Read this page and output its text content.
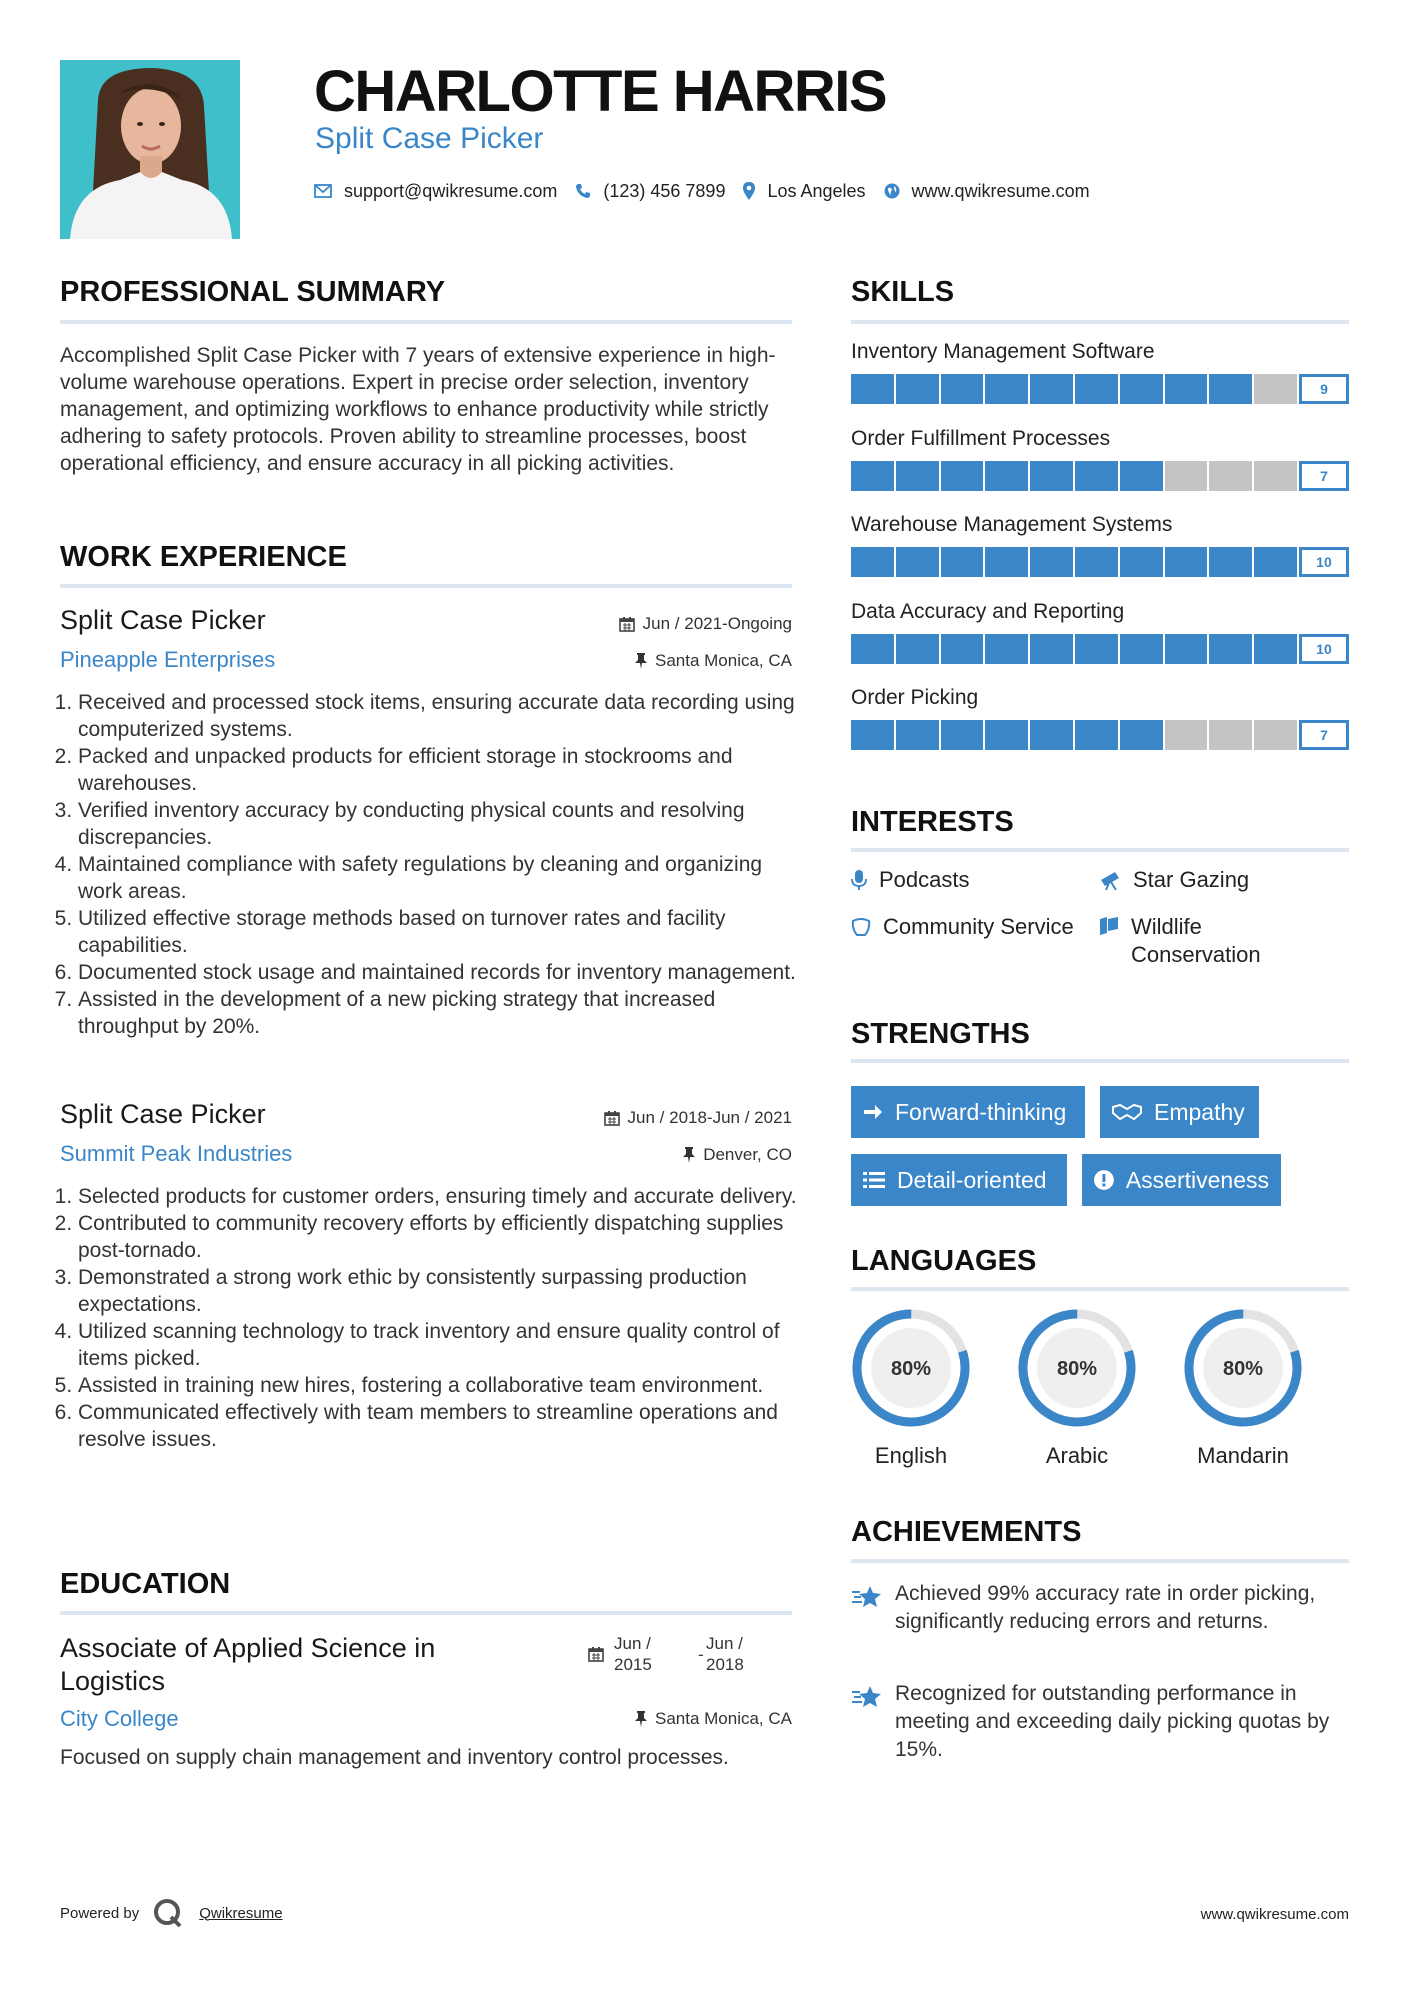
CHARLOTTE HARRIS
Split Case Picker
support@qwikresume.com	(123) 456 7899 Los Angeles	www.qwikresume.com
PROFESSIONAL SUMMARY
Accomplished Split Case Picker with 7 years of extensive experience in high-volume warehouse operations. Expert in precise order selection, inventory management, and optimizing workflows to enhance productivity while strictly adhering to safety protocols. Proven ability to streamline processes, boost operational efficiency, and ensure accuracy in all picking activities.
WORK EXPERIENCE
Split Case Picker	Jun / 2021-Ongoing
Pineapple Enterprises	Santa Monica, CA
1. Received and processed stock items, ensuring accurate data recording using computerized systems.
2. Packed and unpacked products for efficient storage in stockrooms and warehouses.
3. Verified inventory accuracy by conducting physical counts and resolving discrepancies.
4. Maintained compliance with safety regulations by cleaning and organizing work areas.
5. Utilized effective storage methods based on turnover rates and facility capabilities.
6. Documented stock usage and maintained records for inventory management.
7. Assisted in the development of a new picking strategy that increased throughput by 20%.
Split Case Picker	Jun / 2018-Jun / 2021
Summit Peak Industries	Denver, CO
1. Selected products for customer orders, ensuring timely and accurate delivery.
2. Contributed to community recovery efforts by efficiently dispatching supplies post-tornado.
3. Demonstrated a strong work ethic by consistently surpassing production expectations.
4. Utilized scanning technology to track inventory and ensure quality control of items picked.
5. Assisted in training new hires, fostering a collaborative team environment.
6. Communicated effectively with team members to streamline operations and resolve issues.
EDUCATION
Associate of Applied Science in
Logistics
Jun /
2015
-
Jun /
2018
City College	Santa Monica, CA
Focused on supply chain management and inventory control processes.
SKILLS
Inventory Management Software
9
Order Fulfillment Processes
7
Warehouse Management Systems
10
Data Accuracy and Reporting
10
Order Picking
7
INTERESTS
Podcasts	Star Gazing
Community Service	Wildlife
Conservation
STRENGTHS
Forward-thinking	Empathy
Detail-oriented	Assertiveness
LANGUAGES
80%
English
80%
Arabic
80%
Mandarin
ACHIEVEMENTS
Achieved 99% accuracy rate in order picking, significantly reducing errors and returns.
Recognized for outstanding performance in meeting and exceeding daily picking quotas by 15%.
Powered by	Qwikresume	www.qwikresume.com
